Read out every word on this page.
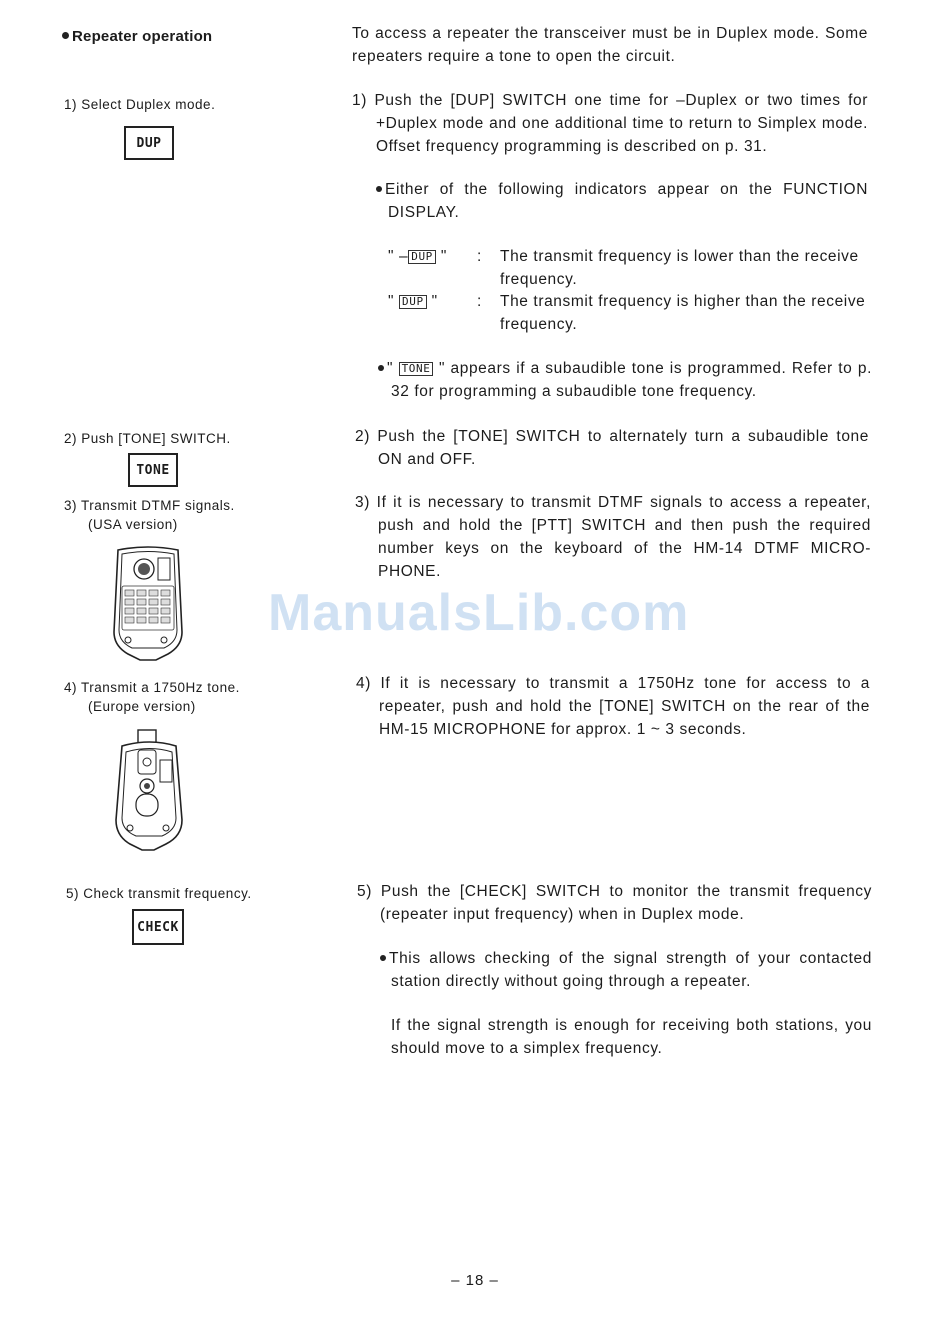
Repeater operation
1) Select Duplex mode.
DUP
2) Push [TONE] SWITCH.
TONE
3) Transmit DTMF signals.
(USA version)
4) Transmit a 1750Hz tone.
(Europe version)
5) Check transmit frequency.
CHECK
To access a repeater the transceiver must be in Duplex mode. Some repeaters require a tone to open the circuit.
1) Push the [DUP] SWITCH one time for –Duplex or two times for +Duplex mode and one additional time to return to Simplex mode. Offset frequency programming is described on p. 31.
Either of the following indicators appear on the FUNCTION DISPLAY.
" – DUP " : The transmit frequency is lower than the receive frequency.
" DUP "	: The transmit frequency is higher than the receive frequency.
" TONE " appears if a subaudible tone is programmed. Refer to p. 32 for programming a subaudible tone frequency.
2) Push the [TONE] SWITCH to alternately turn a subaudible tone ON and OFF.
3) If it is necessary to transmit DTMF signals to access a repeater, push and hold the [PTT] SWITCH and then push the required number keys on the keyboard of the HM-14 DTMF MICRO-PHONE.
4) If it is necessary to transmit a 1750Hz tone for access to a repeater, push and hold the [TONE] SWITCH on the rear of the HM-15 MICROPHONE for approx. 1 ~ 3 seconds.
5) Push the [CHECK] SWITCH to monitor the transmit frequency (repeater input frequency) when in Duplex mode.
This allows checking of the signal strength of your contacted station directly without going through a repeater.
If the signal strength is enough for receiving both stations, you should move to a simplex frequency.
ManualsLib.com
– 18 –
